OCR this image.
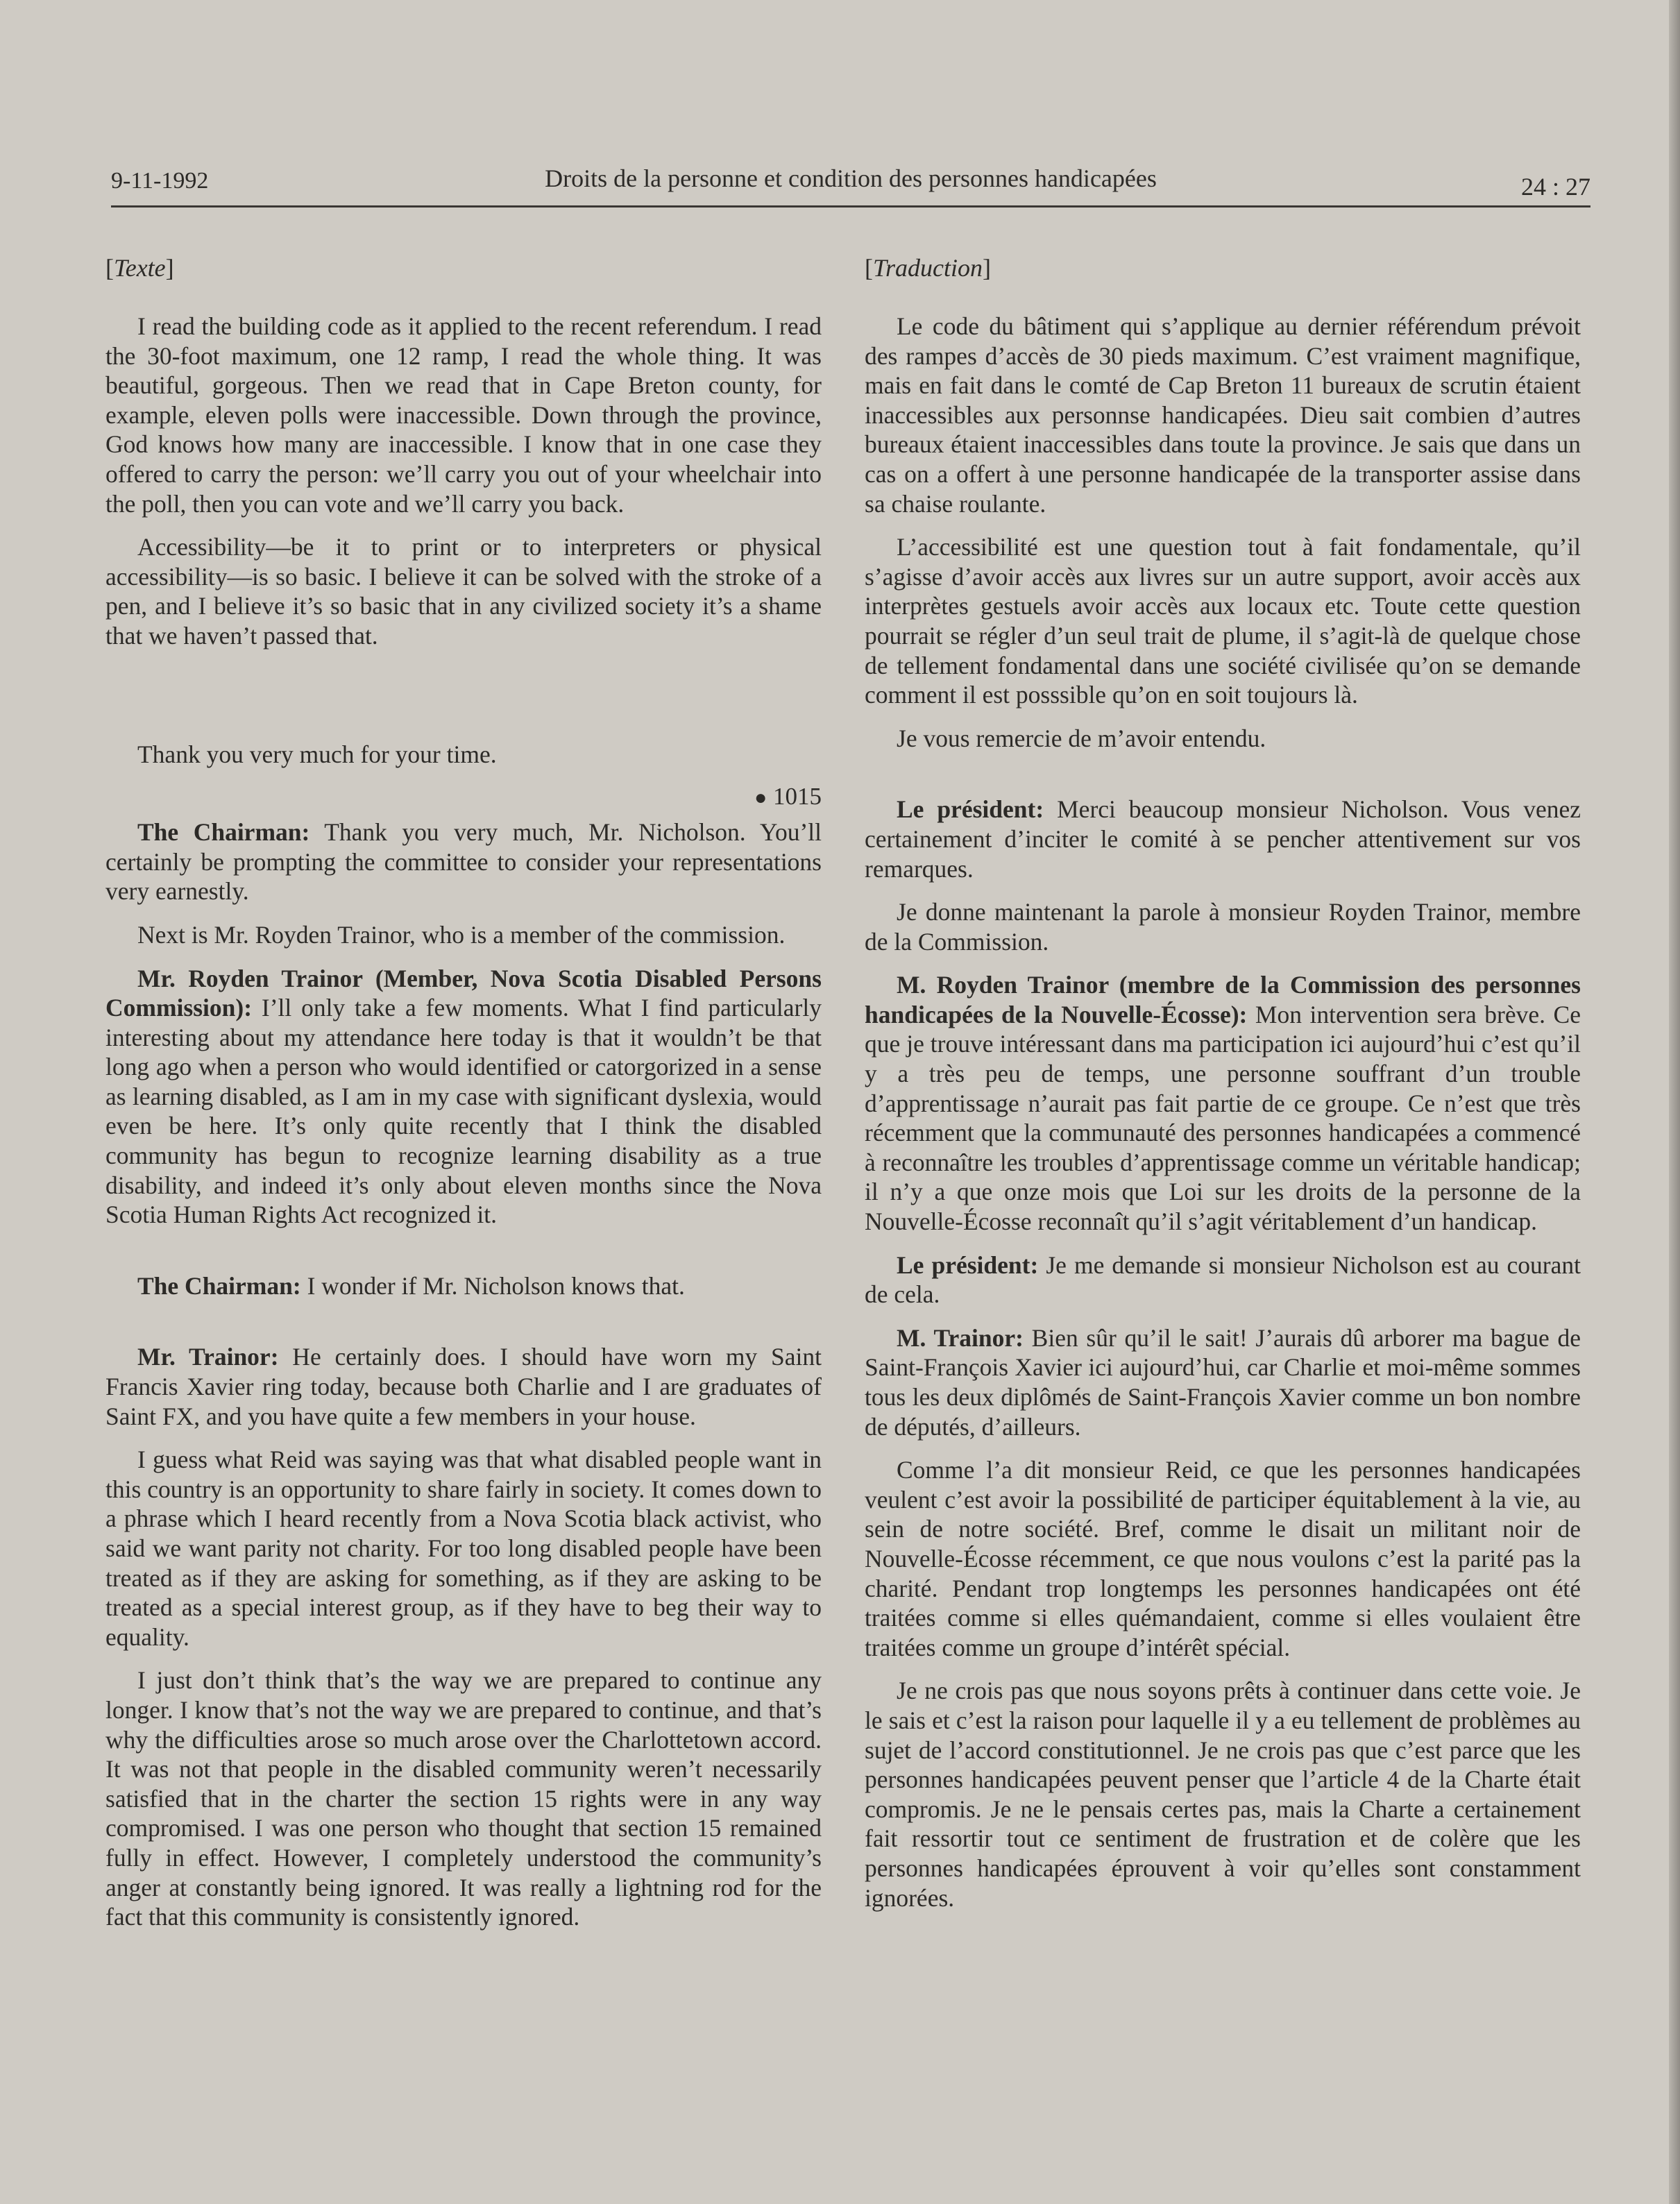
9-11-1992	Droits de la personne et condition des personnes handicapées	24 : 27
[Texte]

I read the building code as it applied to the recent referendum. I read the 30-foot maximum, one 12 ramp, I read the whole thing. It was beautiful, gorgeous. Then we read that in Cape Breton county, for example, eleven polls were inaccessible. Down through the province, God knows how many are inaccessible. I know that in one case they offered to carry the person: we’ll carry you out of your wheelchair into the poll, then you can vote and we’ll carry you back.

Accessibility—be it to print or to interpreters or physical accessibility—is so basic. I believe it can be solved with the stroke of a pen, and I believe it’s so basic that in any civilized society it’s a shame that we haven’t passed that.

Thank you very much for your time.

● 1015

The Chairman: Thank you very much, Mr. Nicholson. You’ll certainly be prompting the committee to consider your representations very earnestly.

Next is Mr. Royden Trainor, who is a member of the commission.

Mr. Royden Trainor (Member, Nova Scotia Disabled Persons Commission): I’ll only take a few moments. What I find particularly interesting about my attendance here today is that it wouldn’t be that long ago when a person who would identified or catorgorized in a sense as learning disabled, as I am in my case with significant dyslexia, would even be here. It’s only quite recently that I think the disabled community has begun to recognize learning disability as a true disability, and indeed it’s only about eleven months since the Nova Scotia Human Rights Act recognized it.

The Chairman: I wonder if Mr. Nicholson knows that.

Mr. Trainor: He certainly does. I should have worn my Saint Francis Xavier ring today, because both Charlie and I are graduates of Saint FX, and you have quite a few members in your house.

I guess what Reid was saying was that what disabled people want in this country is an opportunity to share fairly in society. It comes down to a phrase which I heard recently from a Nova Scotia black activist, who said we want parity not charity. For too long disabled people have been treated as if they are asking for something, as if they are asking to be treated as a special interest group, as if they have to beg their way to equality.

I just don’t think that’s the way we are prepared to continue any longer. I know that’s not the way we are prepared to continue, and that’s why the difficulties arose so much arose over the Charlottetown accord. It was not that people in the disabled community weren’t necessarily satisfied that in the charter the section 15 rights were in any way compromised. I was one person who thought that section 15 remained fully in effect. However, I completely understood the community’s anger at constantly being ignored. It was really a lightning rod for the fact that this community is consistently ignored.

[Traduction]

Le code du bâtiment qui s’applique au dernier référendum prévoit des rampes d’accès de 30 pieds maximum. C’est vraiment magnifique, mais en fait dans le comté de Cap Breton 11 bureaux de scrutin étaient inaccessibles aux personnse handicapées. Dieu sait combien d’autres bureaux étaient inaccessibles dans toute la province. Je sais que dans un cas on a offert à une personne handicapée de la transporter assise dans sa chaise roulante.

L’accessibilité est une question tout à fait fondamentale, qu’il s’agisse d’avoir accès aux livres sur un autre support, avoir accès aux interprètes gestuels avoir accès aux locaux etc. Toute cette question pourrait se régler d’un seul trait de plume, il s’agit-là de quelque chose de tellement fondamental dans une société civilisée qu’on se demande comment il est posssible qu’on en soit toujours là.

Je vous remercie de m’avoir entendu.

Le président: Merci beaucoup monsieur Nicholson. Vous venez certainement d’inciter le comité à se pencher attentivement sur vos remarques.

Je donne maintenant la parole à monsieur Royden Trainor, membre de la Commission.

M. Royden Trainor (membre de la Commission des personnes handicapées de la Nouvelle-Écosse): Mon intervention sera brève. Ce que je trouve intéressant dans ma participation ici aujourd’hui c’est qu’il y a très peu de temps, une personne souffrant d’un trouble d’apprentissage n’aurait pas fait partie de ce groupe. Ce n’est que très récemment que la communauté des personnes handicapées a commencé à reconnaître les troubles d’apprentissage comme un véritable handicap; il n’y a que onze mois que Loi sur les droits de la personne de la Nouvelle-Écosse reconnaît qu’il s’agit véritablement d’un handicap.

Le président: Je me demande si monsieur Nicholson est au courant de cela.

M. Trainor: Bien sûr qu’il le sait! J’aurais dû arborer ma bague de Saint-François Xavier ici aujourd’hui, car Charlie et moi-même sommes tous les deux diplômés de Saint-François Xavier comme un bon nombre de députés, d’ailleurs.

Comme l’a dit monsieur Reid, ce que les personnes handicapées veulent c’est avoir la possibilité de participer équitablement à la vie, au sein de notre société. Bref, comme le disait un militant noir de Nouvelle-Écosse récemment, ce que nous voulons c’est la parité pas la charité. Pendant trop longtemps les personnes handicapées ont été traitées comme si elles quémandaient, comme si elles voulaient être traitées comme un groupe d’intérêt spécial.

Je ne crois pas que nous soyons prêts à continuer dans cette voie. Je le sais et c’est la raison pour laquelle il y a eu tellement de problèmes au sujet de l’accord constitutionnel. Je ne crois pas que c’est parce que les personnes handicapées peuvent penser que l’article 4 de la Charte était compromis. Je ne le pensais certes pas, mais la Charte a certainement fait ressortir tout ce sentiment de frustration et de colère que les personnes handicapées éprouvent à voir qu’elles sont constamment ignorées.
